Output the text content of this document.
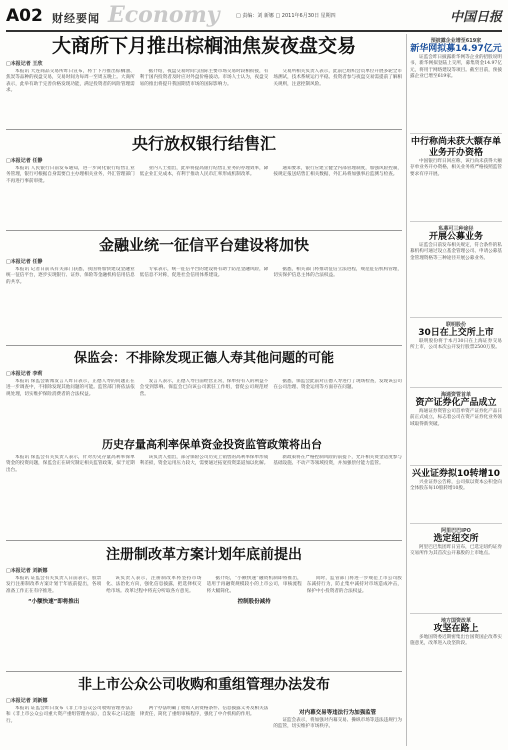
A02 财经要闻 Economy	□ 责编：刘 新娜 □ 2011年6月30日 星期四	中国日报
大商所下月推出棕榈油焦炭夜盘交易
□本报记者 王欣

本报讯 大连商品交易所昨日宣布，将于下月推出棕榈油、焦炭等品种的夜盘交易，交易时间为每周一至周五晚上。大商所表示，此举有助于完善价格发现功能，满足投资者的风险管理需求。

据介绍，夜盘交易时间与国际主要市场交易时段相衔接，有利于国内投资者及时应对外盘价格波动。市场人士认为，夜盘交易的推出将提升我国期货市场的国际影响力。

交易所相关负责人表示，此前已组织会员单位开展多轮全市场测试，技术系统运行平稳。投资者参与夜盘交易需提前了解相关规则，注意控制风险。

央行放权银行结售汇
□本报记者 任静

本报讯 人民银行日前发布通知，进一步简化银行结售汇业务管理，银行可根据自身需要自主办理相关业务，外汇管理部门不再进行事前审批。

业内人士指出，此举将提高银行结售汇业务的办理效率，降低企业汇兑成本，有利于推动人民币汇率形成机制改革。

通知要求，银行应建立健全内部管理制度，加强风险控制，按规定报送结售汇相关数据，外汇局将加强事后监测与检查。

金融业统一征信平台建设将加快
□本报记者 任静

本报讯 记者日前从有关部门获悉，我国将加快建设金融业统一征信平台，逐步实现银行、证券、保险等金融机构信用信息的共享。

专家表示，统一征信平台的建设将有助于防范金融风险，降低信息不对称，促进社会信用体系建设。

据悉，相关部门将推动征信立法进程，规范征信机构管理，切实保护信息主体的合法权益。

保监会：不排除发现正德人寿其他问题的可能
□本报记者 李莉

本报讯 保监会新闻发言人昨日表示，正德人寿的问题正在进一步调查中，不排除发现其他问题的可能。监管部门将依法依规处理，切实维护保险消费者的合法权益。

发言人表示，正德人寿目前经营正常，保单持有人的利益不会受到影响。保监会已向该公司派驻工作组，督促公司规范经营。

据悉，保监会此前对正德人寿进行了现场检查，发现该公司在公司治理、资金运用等方面存在问题。

历史存量高利率保单资金投资监管政策将出台

本报讯 保监会有关负责人表示，针对历史存量高利率保单资金的投资问题，保监会正在研究制定相关监管政策，拟于近期出台。

该负责人指出，部分保险公司历史上销售的高利率保单形成利差损，资金运用压力较大，需要通过拓宽投资渠道加以化解。

新政策将在严格控制风险的前提下，允许相关资金适度参与基础设施、不动产等领域投资，并加强偿付能力监管。

注册制改革方案计划年底前提出
□本报记者 刘新娜

本报讯 证监会有关负责人日前表示，股票发行注册制改革方案计划于年底前提出，各项准备工作正在有序推进。

“小额快速”即将推出

该负责人表示，注册制改革将坚持市场化、法治化方向，强化信息披露，把选择权交给市场。改革过程中将充分听取各方意见。

据介绍，“小额快速”融资机制即将推出，适用于再融资规模较小的上市公司，审核流程将大幅简化。

控制股份减持

同时，监管部门将进一步规范上市公司股东减持行为，防止集中减持对市场造成冲击，保护中小投资者的合法权益。

非上市公众公司收购和重组管理办法发布
□本报记者 刘新娜

本报讯 证监会昨日发布《非上市公众公司收购管理办法》和《非上市公众公司重大资产重组管理办法》，自发布之日起施行。

两个办法明确了收购人的资格条件、信息披露义务及相关法律责任，简化了重组审核程序，强化了中介机构的作用。	对内幕交易等违法行为加强监管

证监会表示，将加强对内幕交易、操纵市场等违法违规行为的监管，切实维护市场秩序。

预披露企业增至619家
新华网拟募14.97亿元

证监会昨日披露新华网等企业的招股说明书，新华网拟登陆上交所，募集资金14.97亿元，将用于网络建设等项目。截至目前，预披露企业已增至619家。

中行称尚未获大额存单业务开办资格

中国银行昨日回应称，该行尚未获得大额存单业务开办资格，相关业务将严格按照监管要求有序开展。

私募可三种途径
开展公募业务

证监会日前发布相关规定，符合条件的私募机构可通过设立基金管理公司、申请公募基金管理资格等三种途径开展公募业务。

联明股份
30日在上交所上市

联明股份将于本月30日在上海证券交易所上市，公司本次公开发行股票2500万股。

海通资管首单
资产证券化产品成立

海通证券资管公司首单资产证券化产品日前正式成立，标志着公司在资产证券化业务领域取得新突破。

兴业证券拟10转增10

兴业证券公告称，公司拟以资本公积金向全体股东每10股转增10股。

阿里巴巴IPO
选定纽交所

阿里巴巴集团昨日宣布，已选定纽约证券交易所作为其首次公开募股的上市地点。

地方国资改革
攻坚在路上

多地国资委近期密集出台国资国企改革实施意见，改革进入攻坚阶段。
